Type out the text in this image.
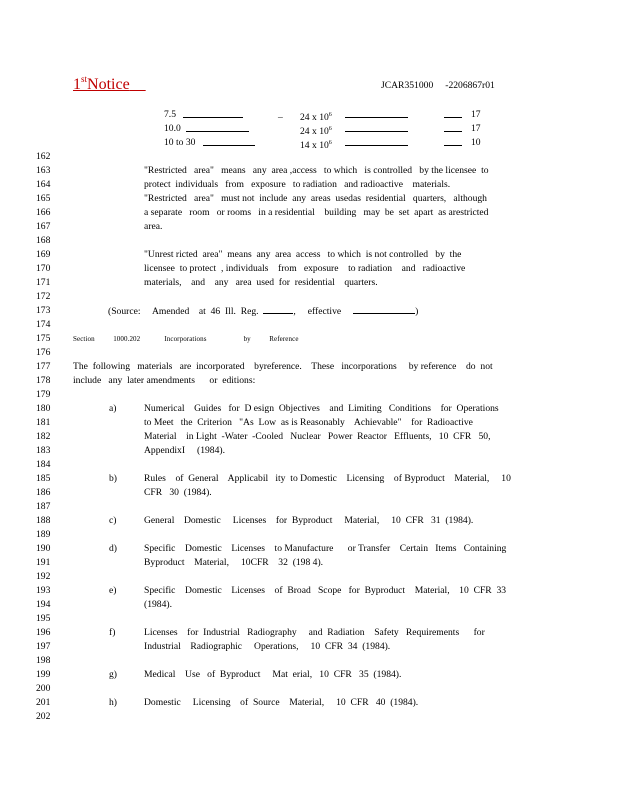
1stNotice	JCAR351000 -2206867r01
7.5	_ 24 x $10^6$	17
10.0	24 x $10^6$	17
10 to 30	14 x $10^6$	10
162
163
164
165
166
167
168
169
170
171
172
173
174
175
176
177
178
179
180
181
182
183
184
185
186
187
188
189
190
191
192
193
194
195
196
197
198
199
200
201
202
"Restricted   area"   means   any  area ,access   to which   is controlled   by the licensee  to
protect  individuals   from   exposure   to radiation   and radioactive    materials.
"Restricted   area"   must not  include  any  areas  usedas  residential   quarters,   although
a separate   room   or rooms   in a residential    building   may  be  set  apart  as arestricted
area.
"Unrest ricted  area"  means  any  area  access   to which  is not controlled   by  the
licensee  to protect  , individuals    from   exposure    to radiation    and   radioactive
materials,    and    any   area  used  for  residential    quarters.
(Source: Amended    at  46  Ill.  Reg.	,     effective	)
Section	1000.202	Incorporations	by	Reference
The  following   materials   are  incorporated    byreference.    These   incorporations     by reference    do  not
include   any  later amendments      or  editions:
a)	Numerical    Guides   for  D esign  Objectives    and  Limiting   Conditions    for  Operations
to Meet   the  Criterion   "As  Low  as is Reasonably    Achievable"    for  Radioactive
Material    in Light  -Water  -Cooled   Nuclear   Power  Reactor   Effluents,   10  CFR   50,
AppendixI     (1984).
b)	Rules    of  General    Applicabil   ity  to Domestic    Licensing    of Byproduct    Material,     10
CFR   30  (1984).
c)	General    Domestic     Licenses    for  Byproduct     Material,     10  CFR   31  (1984).
d)	Specific    Domestic    Licenses    to Manufacture      or Transfer    Certain   Items   Containing
Byproduct    Material,     10CFR    32  (198 4).
e)	Specific    Domestic    Licenses    of  Broad   Scope   for  Byproduct    Material,    10  CFR  33
(1984).
f)	Licenses    for  Industrial   Radiography     and  Radiation    Safety   Requirements      for
Industrial    Radiographic     Operations,     10  CFR  34  (1984).
g)	Medical    Use   of  Byproduct     Mat  erial,   10  CFR   35  (1984).
h)	Domestic     Licensing    of  Source    Material,     10  CFR   40  (1984).
